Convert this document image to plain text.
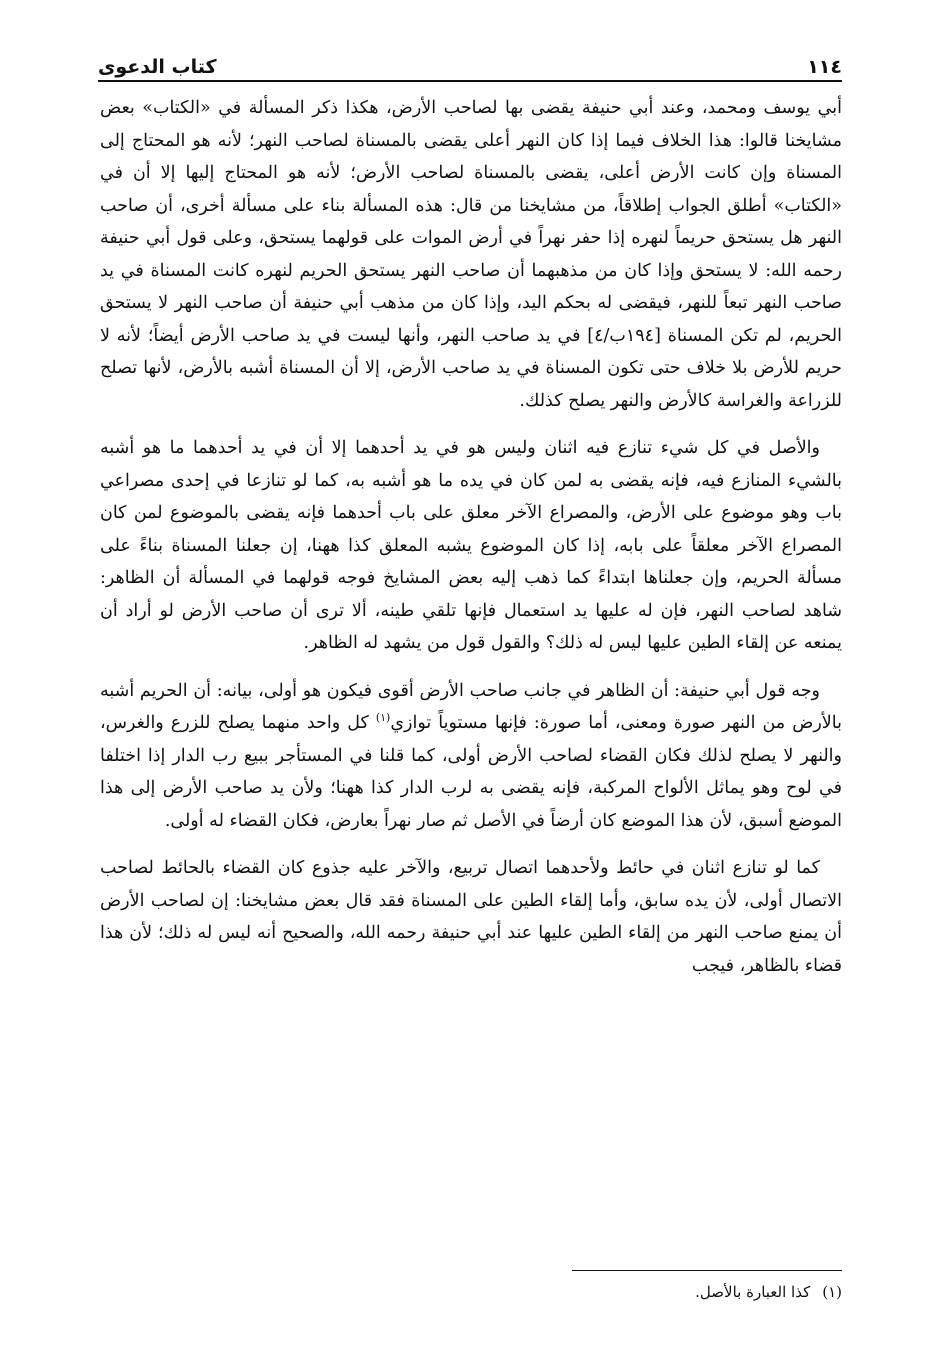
١١٤
كتاب الدعوى

أبي يوسف ومحمد، وعند أبي حنيفة يقضى بها لصاحب الأرض، هكذا ذكر المسألة في «الكتاب» بعض مشايخنا قالوا: هذا الخلاف فيما إذا كان النهر أعلى يقضى بالمسناة لصاحب النهر؛ لأنه هو المحتاج إلى المسناة وإن كانت الأرض أعلى، يقضى بالمسناة لصاحب الأرض؛ لأنه هو المحتاج إليها إلا أن في «الكتاب» أطلق الجواب إطلاقاً، من مشايخنا من قال: هذه المسألة بناء على مسألة أخرى، أن صاحب النهر هل يستحق حريماً لنهره إذا حفر نهراً في أرض الموات على قولهما يستحق، وعلى قول أبي حنيفة رحمه الله: لا يستحق وإذا كان من مذهبهما أن صاحب النهر يستحق الحريم لنهره كانت المسناة في يد صاحب النهر تبعاً للنهر، فيقضى له بحكم اليد، وإذا كان من مذهب أبي حنيفة أن صاحب النهر لا يستحق الحريم، لم تكن المسناة [١٩٤ب/٤] في يد صاحب النهر، وأنها ليست في يد صاحب الأرض أيضاً؛ لأنه لا حريم للأرض بلا خلاف حتى تكون المسناة في يد صاحب الأرض، إلا أن المسناة أشبه بالأرض، لأنها تصلح للزراعة والغراسة كالأرض والنهر يصلح كذلك.

والأصل في كل شيء تنازع فيه اثنان وليس هو في يد أحدهما إلا أن في يد أحدهما ما هو أشبه بالشيء المنازع فيه، فإنه يقضى به لمن كان في يده ما هو أشبه به، كما لو تنازعا في إحدى مصراعي باب وهو موضوع على الأرض، والمصراع الآخر معلق على باب أحدهما فإنه يقضى بالموضوع لمن كان المصراع الآخر معلقاً على بابه، إذا كان الموضوع يشبه المعلق كذا ههنا، إن جعلنا المسناة بناءً على مسألة الحريم، وإن جعلناها ابتداءً كما ذهب إليه بعض المشايخ فوجه قولهما في المسألة أن الظاهر: شاهد لصاحب النهر، فإن له عليها يد استعمال فإنها تلقي طينه، ألا ترى أن صاحب الأرض لو أراد أن يمنعه عن إلقاء الطين عليها ليس له ذلك؟ والقول قول من يشهد له الظاهر.

وجه قول أبي حنيفة: أن الظاهر في جانب صاحب الأرض أقوى فيكون هو أولى، بيانه: أن الحريم أشبه بالأرض من النهر صورة ومعنى، أما صورة: فإنها مستوياً توازي$^{(١)}$ كل واحد منهما يصلح للزرع والغرس، والنهر لا يصلح لذلك فكان القضاء لصاحب الأرض أولى، كما قلنا في المستأجر ببيع رب الدار إذا اختلفا في لوح وهو يماثل الألواح المركبة، فإنه يقضى به لرب الدار كذا ههنا؛ ولأن يد صاحب الأرض إلى هذا الموضع أسبق، لأن هذا الموضع كان أرضاً في الأصل ثم صار نهراً بعارض، فكان القضاء له أولى.

كما لو تنازع اثنان في حائط ولأحدهما اتصال تربيع، والآخر عليه جذوع كان القضاء بالحائط لصاحب الاتصال أولى، لأن يده سابق، وأما إلقاء الطين على المسناة فقد قال بعض مشايخنا: إن لصاحب الأرض أن يمنع صاحب النهر من إلقاء الطين عليها عند أبي حنيفة رحمه الله، والصحيح أنه ليس له ذلك؛ لأن هذا قضاء بالظاهر، فيجب

(١)
كذا العبارة بالأصل.
